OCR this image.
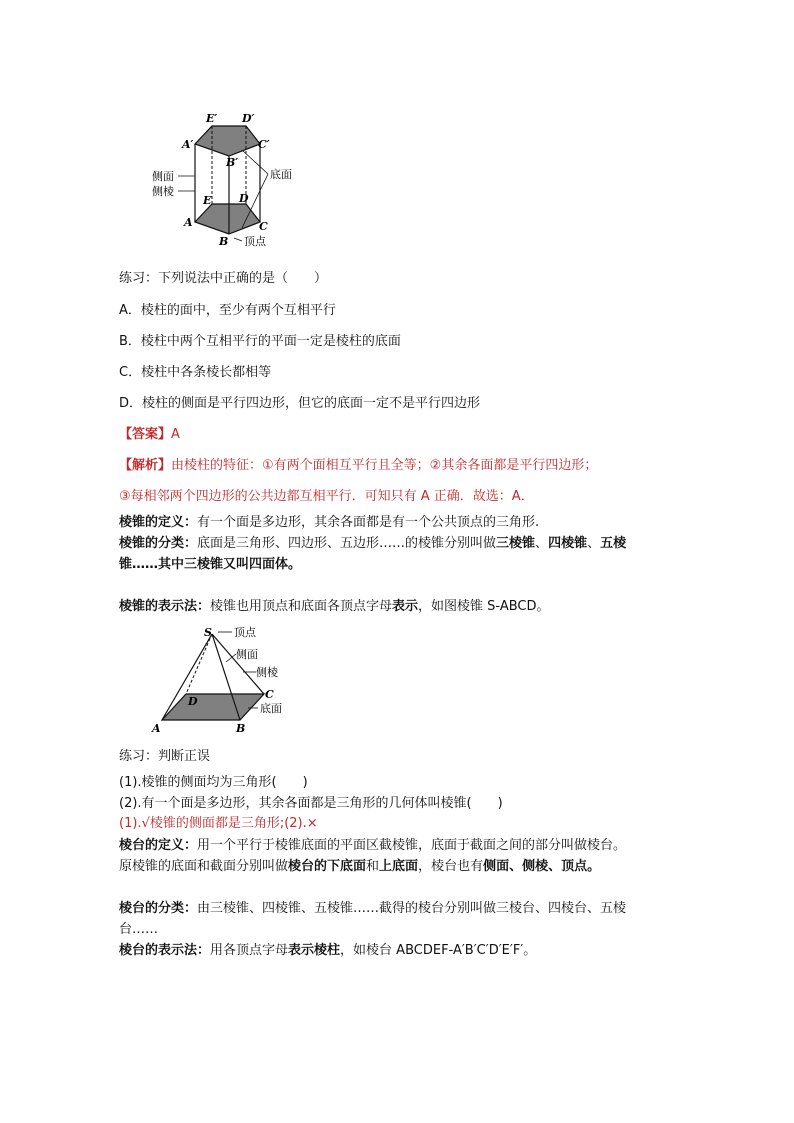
E′ D′
A′	C′
B′
E	D
A
B
C
侧面
侧棱
底面
顶点
练习：下列说法中正确的是（　　）
A．棱柱的面中，至少有两个互相平行
B．棱柱中两个互相平行的平面一定是棱柱的底面
C．棱柱中各条棱长都相等
D．棱柱的侧面是平行四边形，但它的底面一定不是平行四边形
【答案】A
【解析】由棱柱的特征：①有两个面相互平行且全等；②其余各面都是平行四边形；
③每相邻两个四边形的公共边都互相平行．可知只有 A 正确．故选：A．
棱锥的定义：有一个面是多边形，其余各面都是有一个公共顶点的三角形.
棱锥的分类：底面是三角形、四边形、五边形……的棱锥分别叫做三棱锥、四棱锥、五棱
锥……其中三棱锥又叫四面体。
棱锥的表示法：棱锥也用顶点和底面各顶点字母表示，如图棱锥 S-ABCD。
S
A	B
C
D
顶点
侧面
侧棱
底面
练习：判断正误
(1).棱锥的侧面均为三角形(　　)
(2).有一个面是多边形，其余各面都是三角形的几何体叫棱锥(　　)
(1).√棱锥的侧面都是三角形;(2).×
棱台的定义：用一个平行于棱锥底面的平面区截棱锥，底面于截面之间的部分叫做棱台。
原棱锥的底面和截面分别叫做棱台的下底面和上底面，棱台也有侧面、侧棱、顶点。
棱台的分类：由三棱锥、四棱锥、五棱锥……截得的棱台分别叫做三棱台、四棱台、五棱
台……
棱台的表示法：用各顶点字母表示棱柱，如棱台 ABCDEF-A′B′C′D′E′F′。
